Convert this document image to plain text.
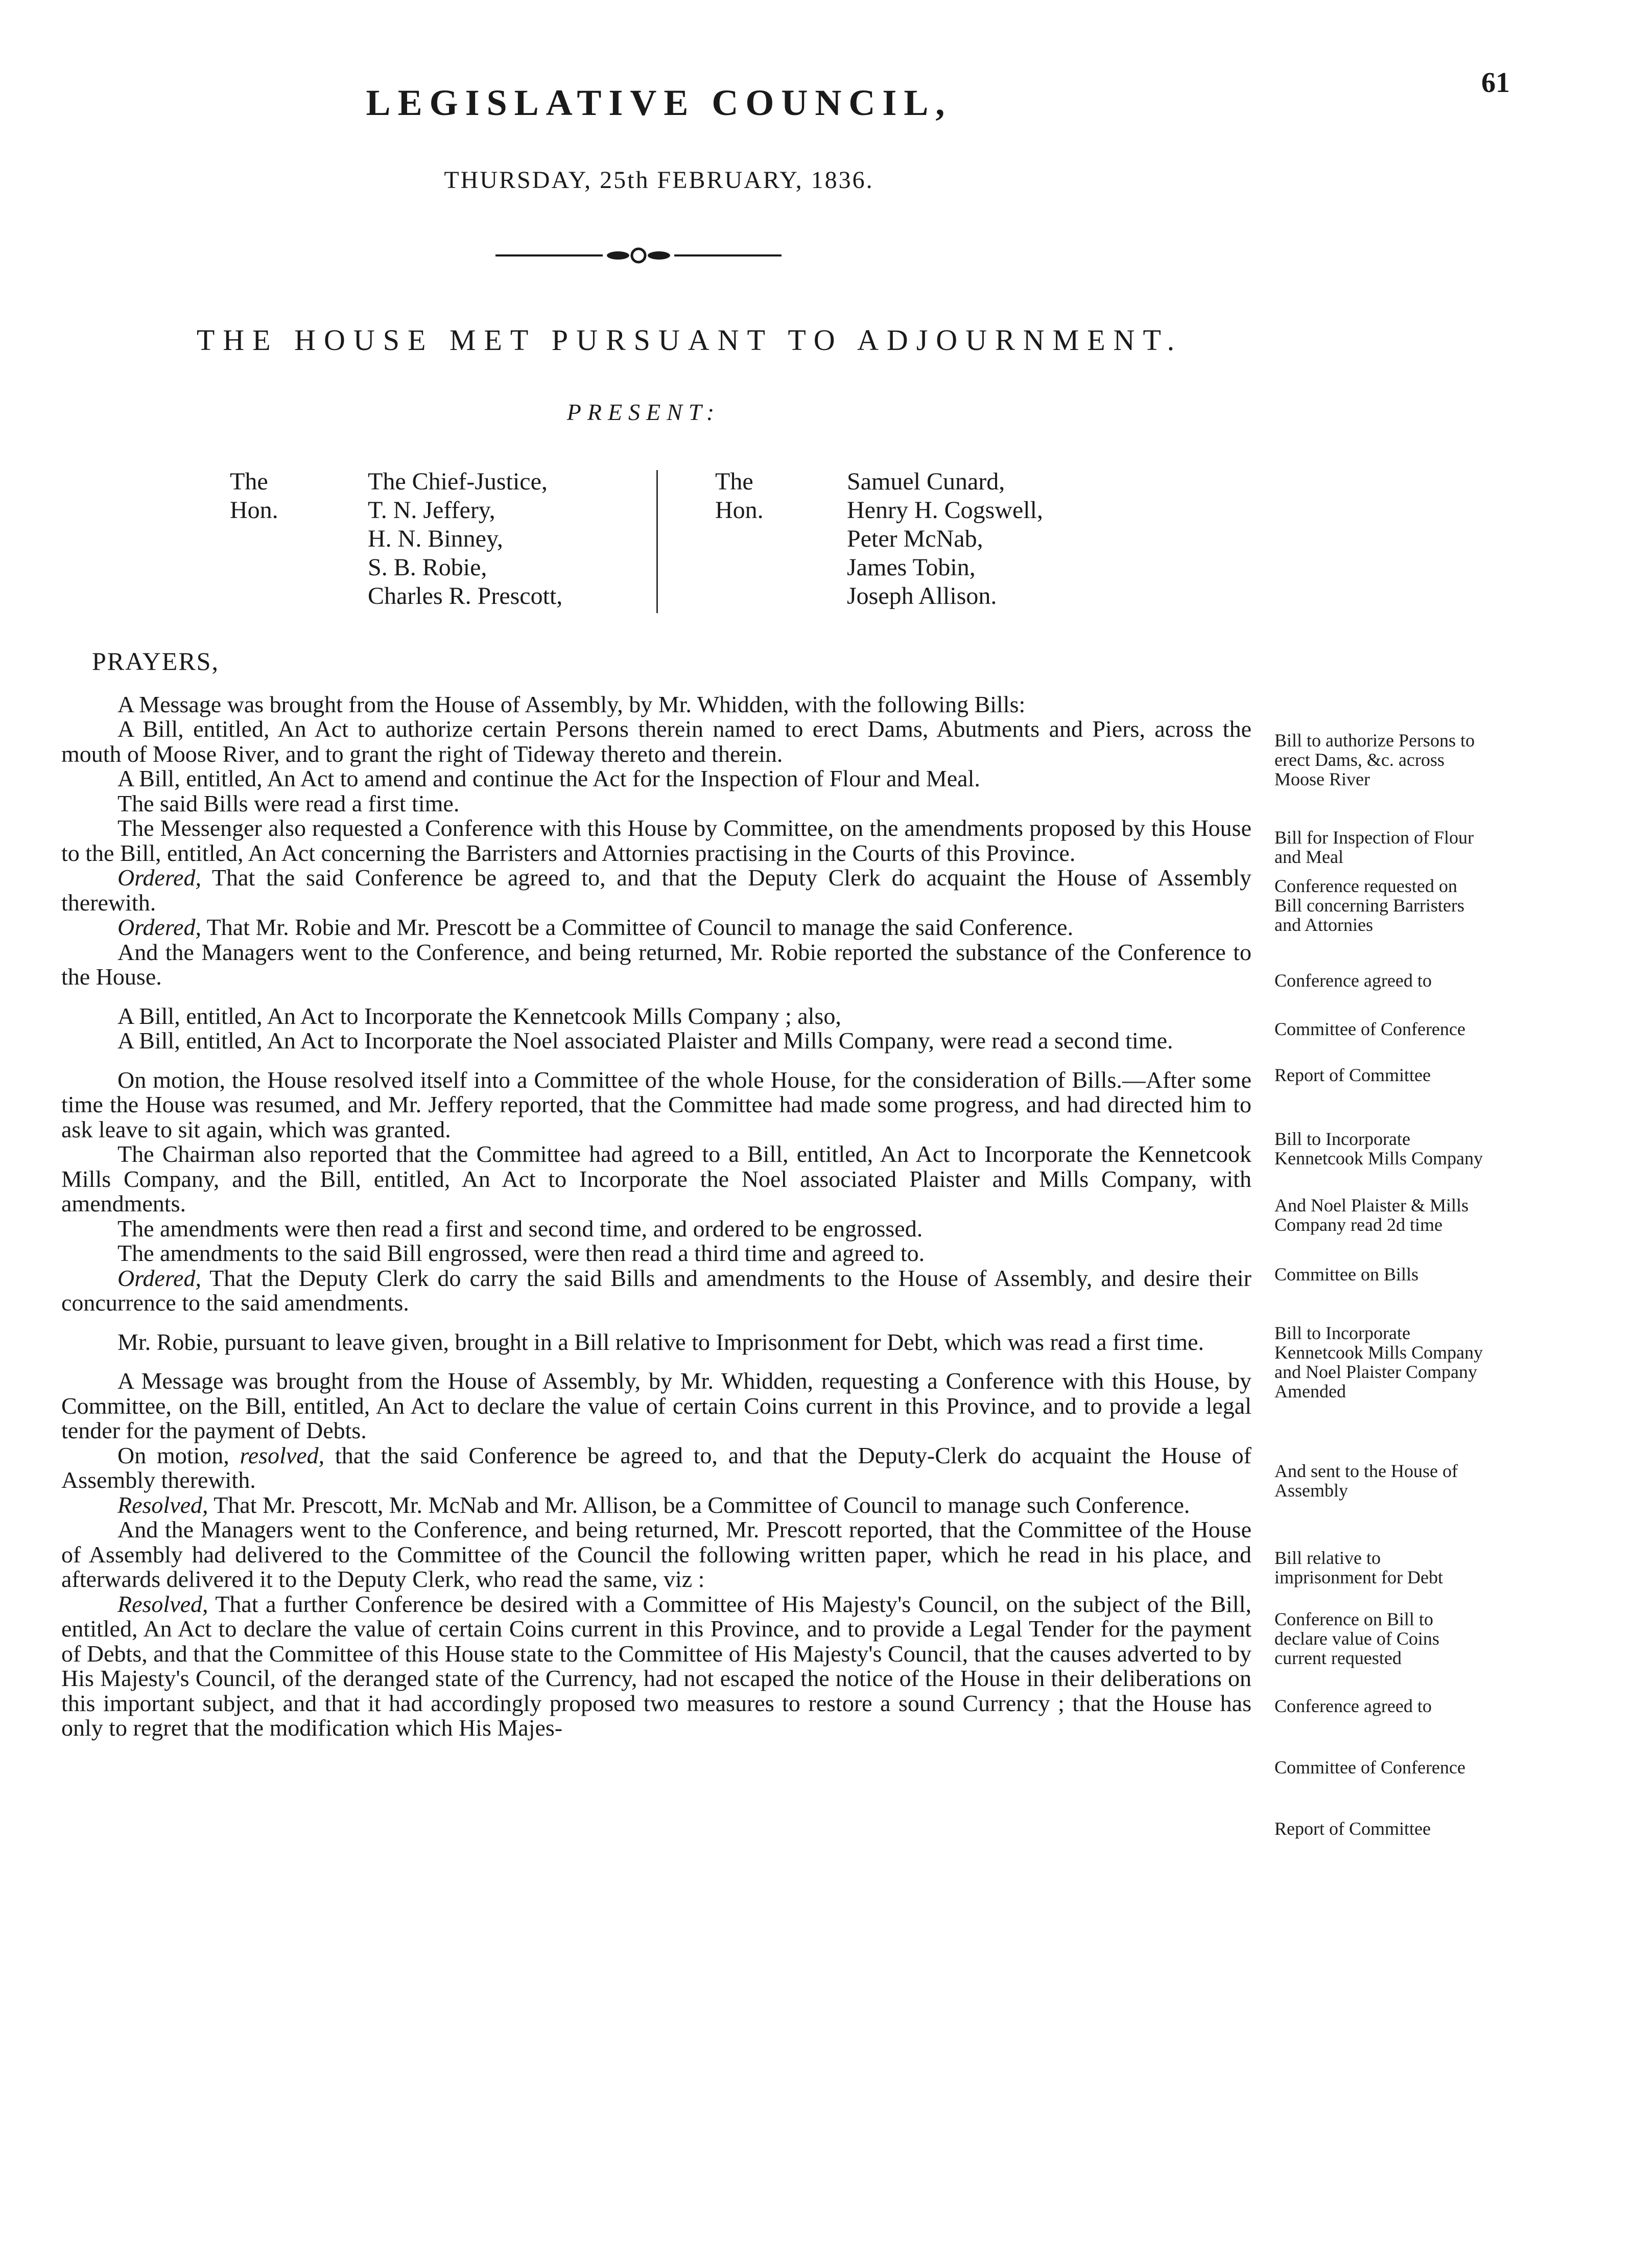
61
LEGISLATIVE COUNCIL,
THURSDAY, 25th FEBRUARY, 1836.
THE HOUSE MET PURSUANT TO ADJOURNMENT.
PRESENT:
The Hon.
The Chief-Justice,
T. N. Jeffery,
H. N. Binney,
S. B. Robie,
Charles R. Prescott,
The Hon.
Samuel Cunard,
Henry H. Cogswell,
Peter McNab,
James Tobin,
Joseph Allison.

PRAYERS,

A Message was brought from the House of Assembly, by Mr. Whidden, with the following Bills:

A Bill, entitled, An Act to authorize certain Persons therein named to erect Dams, Abutments and Piers, across the mouth of Moose River, and to grant the right of Tideway thereto and therein.

A Bill, entitled, An Act to amend and continue the Act for the Inspection of Flour and Meal.

The said Bills were read a first time.

The Messenger also requested a Conference with this House by Committee, on the amendments proposed by this House to the Bill, entitled, An Act concerning the Barristers and Attornies practising in the Courts of this Province.

Ordered, That the said Conference be agreed to, and that the Deputy Clerk do acquaint the House of Assembly therewith.

Ordered, That Mr. Robie and Mr. Prescott be a Committee of Council to manage the said Conference.

And the Managers went to the Conference, and being returned, Mr. Robie reported the substance of the Conference to the House.

A Bill, entitled, An Act to Incorporate the Kennetcook Mills Company ; also,

A Bill, entitled, An Act to Incorporate the Noel associated Plaister and Mills Company, were read a second time.

On motion, the House resolved itself into a Committee of the whole House, for the consideration of Bills.—After some time the House was resumed, and Mr. Jeffery reported, that the Committee had made some progress, and had directed him to ask leave to sit again, which was granted.

The Chairman also reported that the Committee had agreed to a Bill, entitled, An Act to Incorporate the Kennetcook Mills Company, and the Bill, entitled, An Act to Incorporate the Noel associated Plaister and Mills Company, with amendments.

The amendments were then read a first and second time, and ordered to be engrossed.

The amendments to the said Bill engrossed, were then read a third time and agreed to.

Ordered, That the Deputy Clerk do carry the said Bills and amendments to the House of Assembly, and desire their concurrence to the said amendments.

Mr. Robie, pursuant to leave given, brought in a Bill relative to Imprisonment for Debt, which was read a first time.

A Message was brought from the House of Assembly, by Mr. Whidden, requesting a Conference with this House, by Committee, on the Bill, entitled, An Act to declare the value of certain Coins current in this Province, and to provide a legal tender for the payment of Debts.

On motion, resolved, that the said Conference be agreed to, and that the Deputy-Clerk do acquaint the House of Assembly therewith.

Resolved, That Mr. Prescott, Mr. McNab and Mr. Allison, be a Committee of Council to manage such Conference.

And the Managers went to the Conference, and being returned, Mr. Prescott reported, that the Committee of the House of Assembly had delivered to the Committee of the Council the following written paper, which he read in his place, and afterwards delivered it to the Deputy Clerk, who read the same, viz :

Resolved, That a further Conference be desired with a Committee of His Majesty's Council, on the subject of the Bill, entitled, An Act to declare the value of certain Coins current in this Province, and to provide a Legal Tender for the payment of Debts, and that the Committee of this House state to the Committee of His Majesty's Council, that the causes adverted to by His Majesty's Council, of the deranged state of the Currency, had not escaped the notice of the House in their deliberations on this important subject, and that it had accordingly proposed two measures to restore a sound Currency ; that the House has only to regret that the modification which His Majes-

Bill to authorize Persons to erect Dams, &c. across Moose River
Bill for Inspection of Flour and Meal
Conference requested on Bill concerning Barristers and Attornies
Conference agreed to
Committee of Conference
Report of Committee
Bill to Incorporate Kennetcook Mills Company
And Noel Plaister & Mills Company read 2d time
Committee on Bills
Bill to Incorporate Kennetcook Mills Company and Noel Plaister Company Amended
And sent to the House of Assembly
Bill relative to imprisonment for Debt
Conference on Bill to declare value of Coins current requested
Conference agreed to
Committee of Conference
Report of Committee
